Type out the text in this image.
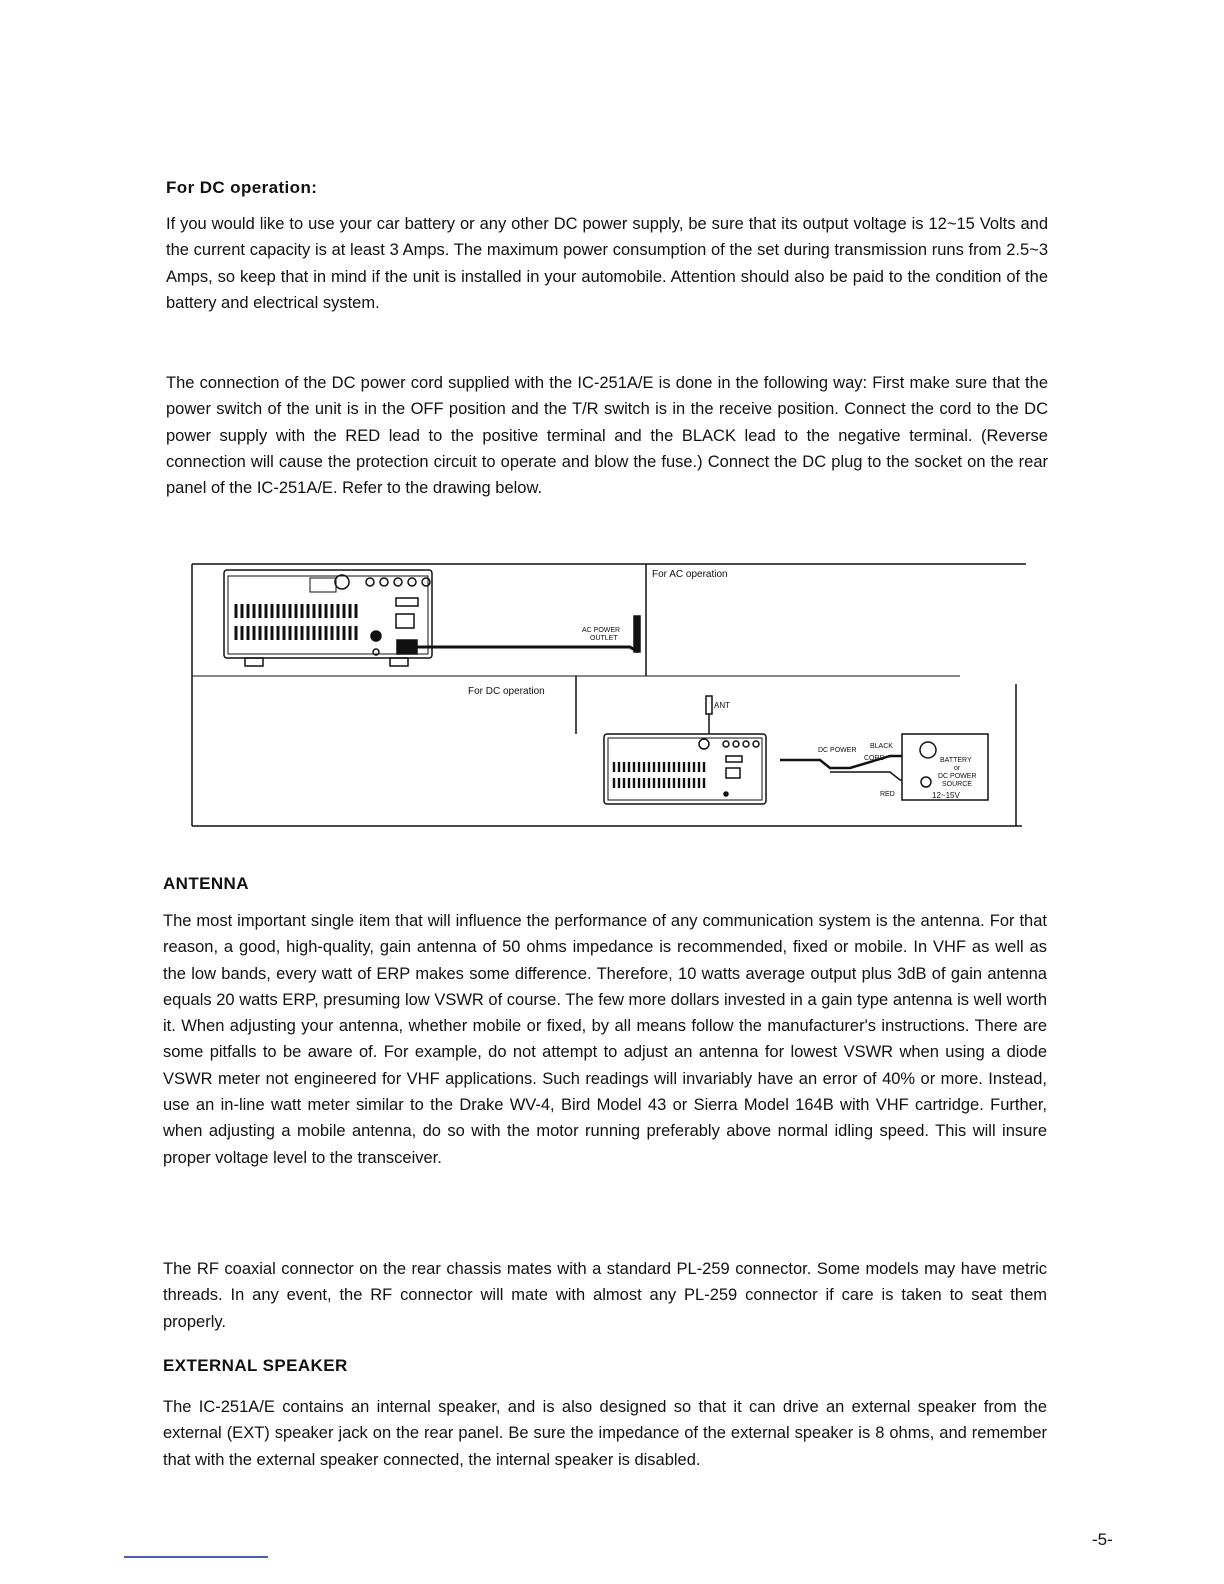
For DC operation:

If you would like to use your car battery or any other DC power supply, be sure that its output voltage is 12~15 Volts and the current capacity is at least 3 Amps. The maximum power consumption of the set during transmission runs from 2.5~3 Amps, so keep that in mind if the unit is installed in your automobile. Attention should also be paid to the condition of the battery and electrical system.

The connection of the DC power cord supplied with the IC-251A/E is done in the following way: First make sure that the power switch of the unit is in the OFF position and the T/R switch is in the receive position. Connect the cord to the DC power supply with the RED lead to the positive terminal and the BLACK lead to the negative terminal. (Reverse connection will cause the protection circuit to operate and blow the fuse.) Connect the DC plug to the socket on the rear panel of the IC-251A/E. Refer to the drawing below.

For AC operation
AC POWER
OUTLET
For DC operation
ANT
DC POWER
CORD
BLACK
RED
BATTERY
or
DC POWER
SOURCE
12~15V
ANTENNA

The most important single item that will influence the performance of any communication system is the antenna. For that reason, a good, high-quality, gain antenna of 50 ohms impedance is recommended, fixed or mobile. In VHF as well as the low bands, every watt of ERP makes some difference. Therefore, 10 watts average output plus 3dB of gain antenna equals 20 watts ERP, presuming low VSWR of course. The few more dollars invested in a gain type antenna is well worth it. When adjusting your antenna, whether mobile or fixed, by all means follow the manufacturer's instructions. There are some pitfalls to be aware of. For example, do not attempt to adjust an antenna for lowest VSWR when using a diode VSWR meter not engineered for VHF applications. Such readings will invariably have an error of 40% or more. Instead, use an in-line watt meter similar to the Drake WV-4, Bird Model 43 or Sierra Model 164B with VHF cartridge. Further, when adjusting a mobile antenna, do so with the motor running preferably above normal idling speed. This will insure proper voltage level to the transceiver.

The RF coaxial connector on the rear chassis mates with a standard PL-259 connector. Some models may have metric threads. In any event, the RF connector will mate with almost any PL-259 connector if care is taken to seat them properly.

EXTERNAL SPEAKER

The IC-251A/E contains an internal speaker, and is also designed so that it can drive an external speaker from the external (EXT) speaker jack on the rear panel. Be sure the impedance of the external speaker is 8 ohms, and remember that with the external speaker connected, the internal speaker is disabled.

-5-
